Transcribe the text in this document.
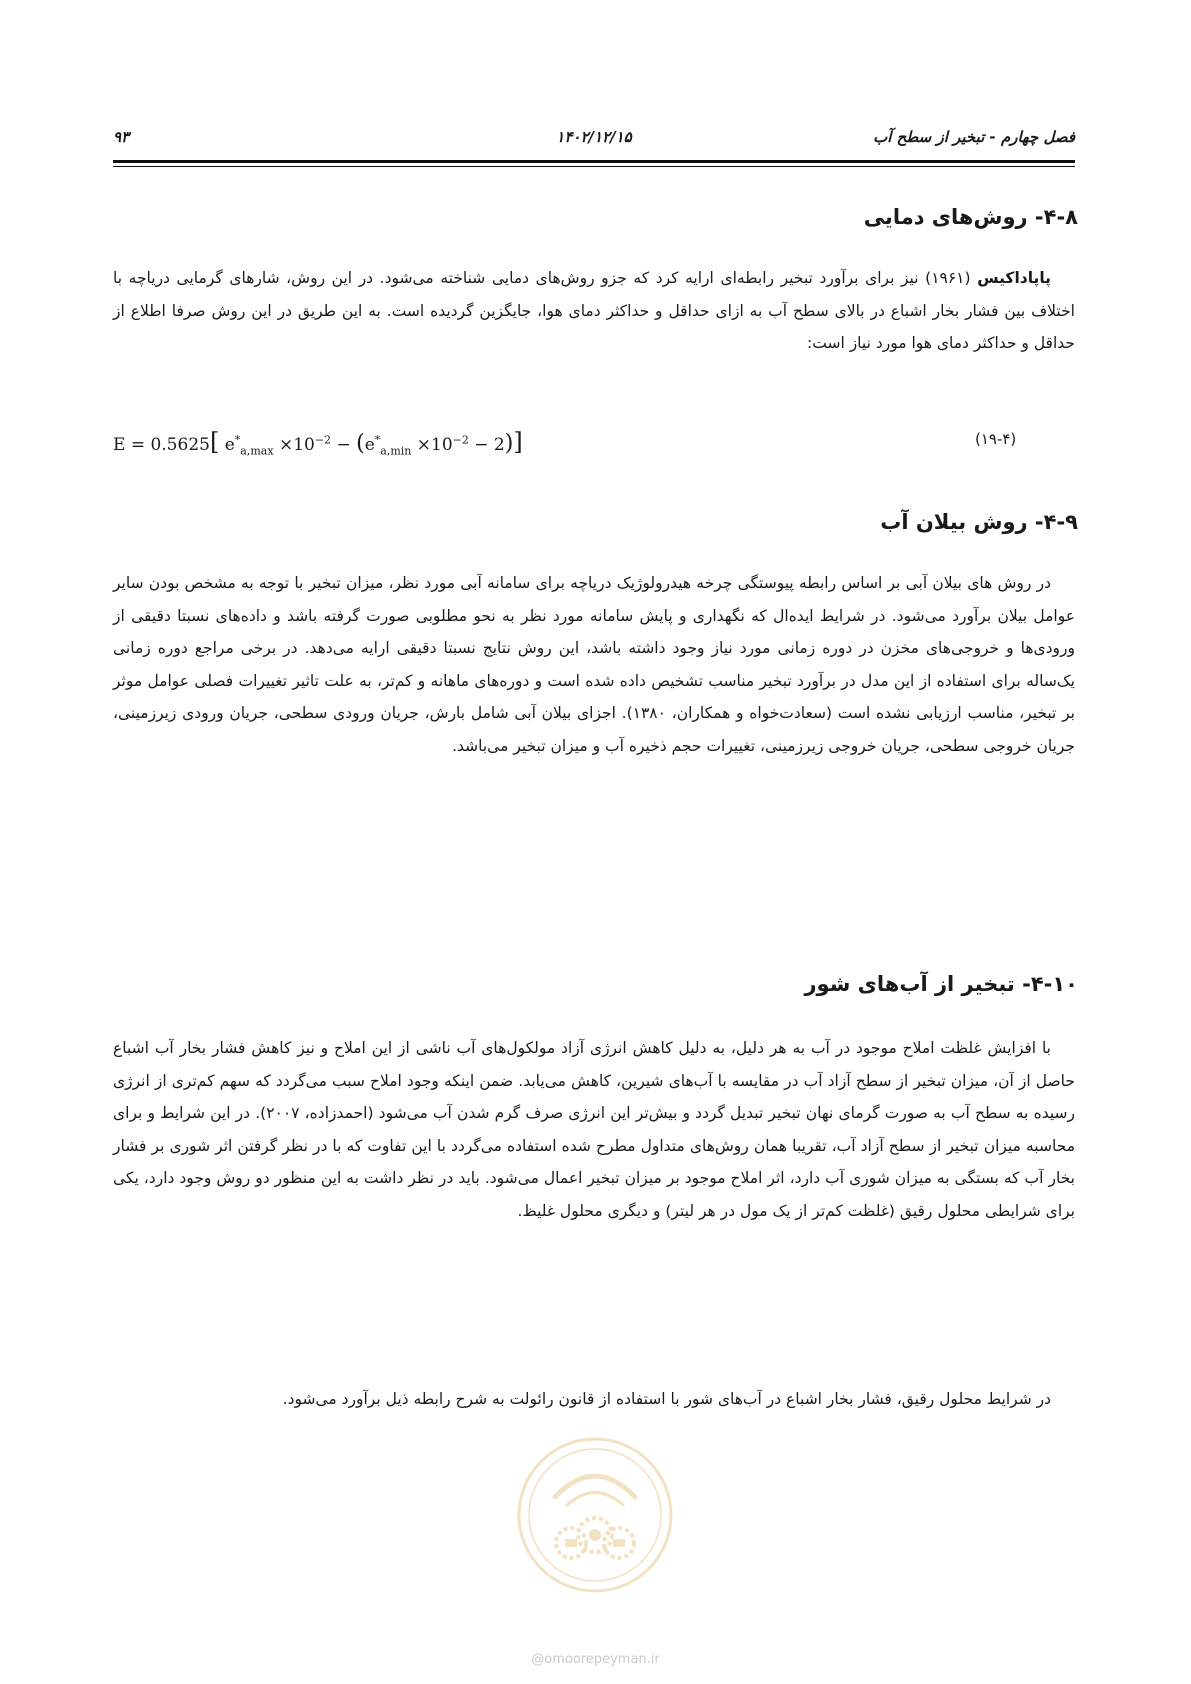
فصل چهارم - تبخیر از سطح آب
۱۴۰۲/۱۲/۱۵
۹۳
۴-۸- روش‌های دمایی

پاپاداکیس (۱۹۶۱) نیز برای برآورد تبخیر رابطه‌ای ارایه کرد که جزو روش‌های دمایی شناخته می‌شود. در این روش، شارهای گرمایی دریاچه با اختلاف بین فشار بخار اشباع در بالای سطح آب به ازای حداقل و حداکثر دمای هوا، جایگزین گردیده است. به این طریق در این روش صرفا اطلاع از حداقل و حداکثر دمای هوا مورد نیاز است:

E = 0.5625[ $e^*_{a,max} \times 10^{-2} - (e^*_{a,min} \times 10^{-2} - 2)$]	(۱۹-۴)
۴-۹- روش بیلان آب

در روش های بیلان آبی بر اساس رابطه پیوستگی چرخه هیدرولوژیک دریاچه برای سامانه آبی مورد نظر، میزان تبخیر با توجه به مشخص بودن سایر عوامل بیلان برآورد می‌شود. در شرایط ایده‌ال که نگهداری و پایش سامانه مورد نظر به نحو مطلوبی صورت گرفته باشد و داده‌های نسبتا دقیقی از ورودی‌ها و خروجی‌های مخزن در دوره زمانی مورد نیاز وجود داشته باشد، این روش نتایج نسبتا دقیقی ارایه می‌دهد. در برخی مراجع دوره زمانی یک‌ساله برای استفاده از این مدل در برآورد تبخیر مناسب تشخیص داده شده است و دوره‌های ماهانه و کم‌تر، به علت تاثیر تغییرات فصلی عوامل موثر بر تبخیر، مناسب ارزیابی نشده است (سعادت‌خواه و همکاران، ۱۳۸۰). اجزای بیلان آبی شامل بارش، جریان ورودی سطحی، جریان ورودی زیرزمینی، جریان خروجی سطحی، جریان خروجی زیرزمینی، تغییرات حجم ذخیره آب و میزان تبخیر می‌باشد.

۴-۱۰- تبخیر از آب‌های شور

با افزایش غلظت املاح موجود در آب به هر دلیل، به دلیل کاهش انرژی آزاد مولکول‌های آب ناشی از این املاح و نیز کاهش فشار بخار آب اشباع حاصل از آن، میزان تبخیر از سطح آزاد آب در مقایسه با آب‌های شیرین، کاهش می‌یابد. ضمن اینکه وجود املاح سبب می‌گردد که سهم کم‌تری از انرژی رسیده به سطح آب به صورت گرمای نهان تبخیر تبدیل گردد و بیش‌تر این انرژی صرف گرم شدن آب می‌شود (احمدزاده، ۲۰۰۷). در این شرایط و برای محاسبه میزان تبخیر از سطح آزاد آب، تقریبا همان روش‌های متداول مطرح شده استفاده می‌گردد با این تفاوت که با در نظر گرفتن اثر شوری بر فشار بخار آب که بستگی به میزان شوری آب دارد، اثر املاح موجود بر میزان تبخیر اعمال می‌شود. باید در نظر داشت به این منظور دو روش وجود دارد، یکی برای شرایطی محلول رقیق (غلظت کم‌تر از یک مول در هر لیتر) و دیگری محلول غلیظ.

در شرایط محلول رقیق، فشار بخار اشباع در آب‌های شور با استفاده از قانون رائولت به شرح رابطه ذیل برآورد می‌شود.

@omoorepeyman.ir
